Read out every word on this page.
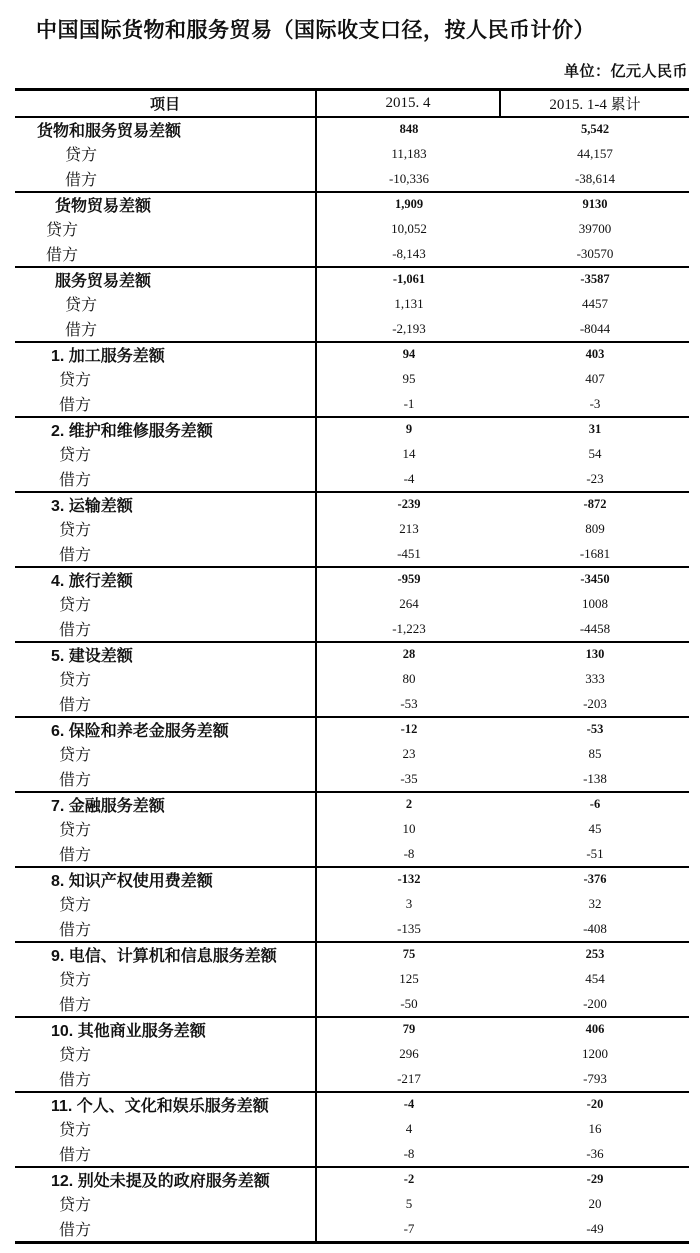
中国国际货物和服务贸易（国际收支口径，按人民币计价）
单位：亿元人民币
项目	2015. 4	2015. 1-4 累计
货物和服务贸易差额	848	5,542
贷方	11,183	44,157
借方	-10,336	-38,614
货物贸易差额	1,909	9130
贷方	10,052	39700
借方	-8,143	-30570
服务贸易差额	-1,061	-3587
贷方	1,131	4457
借方	-2,193	-8044
1. 加工服务差额	94	403
贷方	95	407
借方	-1	-3
2. 维护和维修服务差额	9	31
贷方	14	54
借方	-4	-23
3. 运输差额	-239	-872
贷方	213	809
借方	-451	-1681
4. 旅行差额	-959	-3450
贷方	264	1008
借方	-1,223	-4458
5. 建设差额	28	130
贷方	80	333
借方	-53	-203
6. 保险和养老金服务差额	-12	-53
贷方	23	85
借方	-35	-138
7. 金融服务差额	2	-6
贷方	10	45
借方	-8	-51
8. 知识产权使用费差额	-132	-376
贷方	3	32
借方	-135	-408
9. 电信、计算机和信息服务差额	75	253
贷方	125	454
借方	-50	-200
10. 其他商业服务差额	79	406
贷方	296	1200
借方	-217	-793
11. 个人、文化和娱乐服务差额	-4	-20
贷方	4	16
借方	-8	-36
12. 别处未提及的政府服务差额	-2	-29
贷方	5	20
借方	-7	-49
